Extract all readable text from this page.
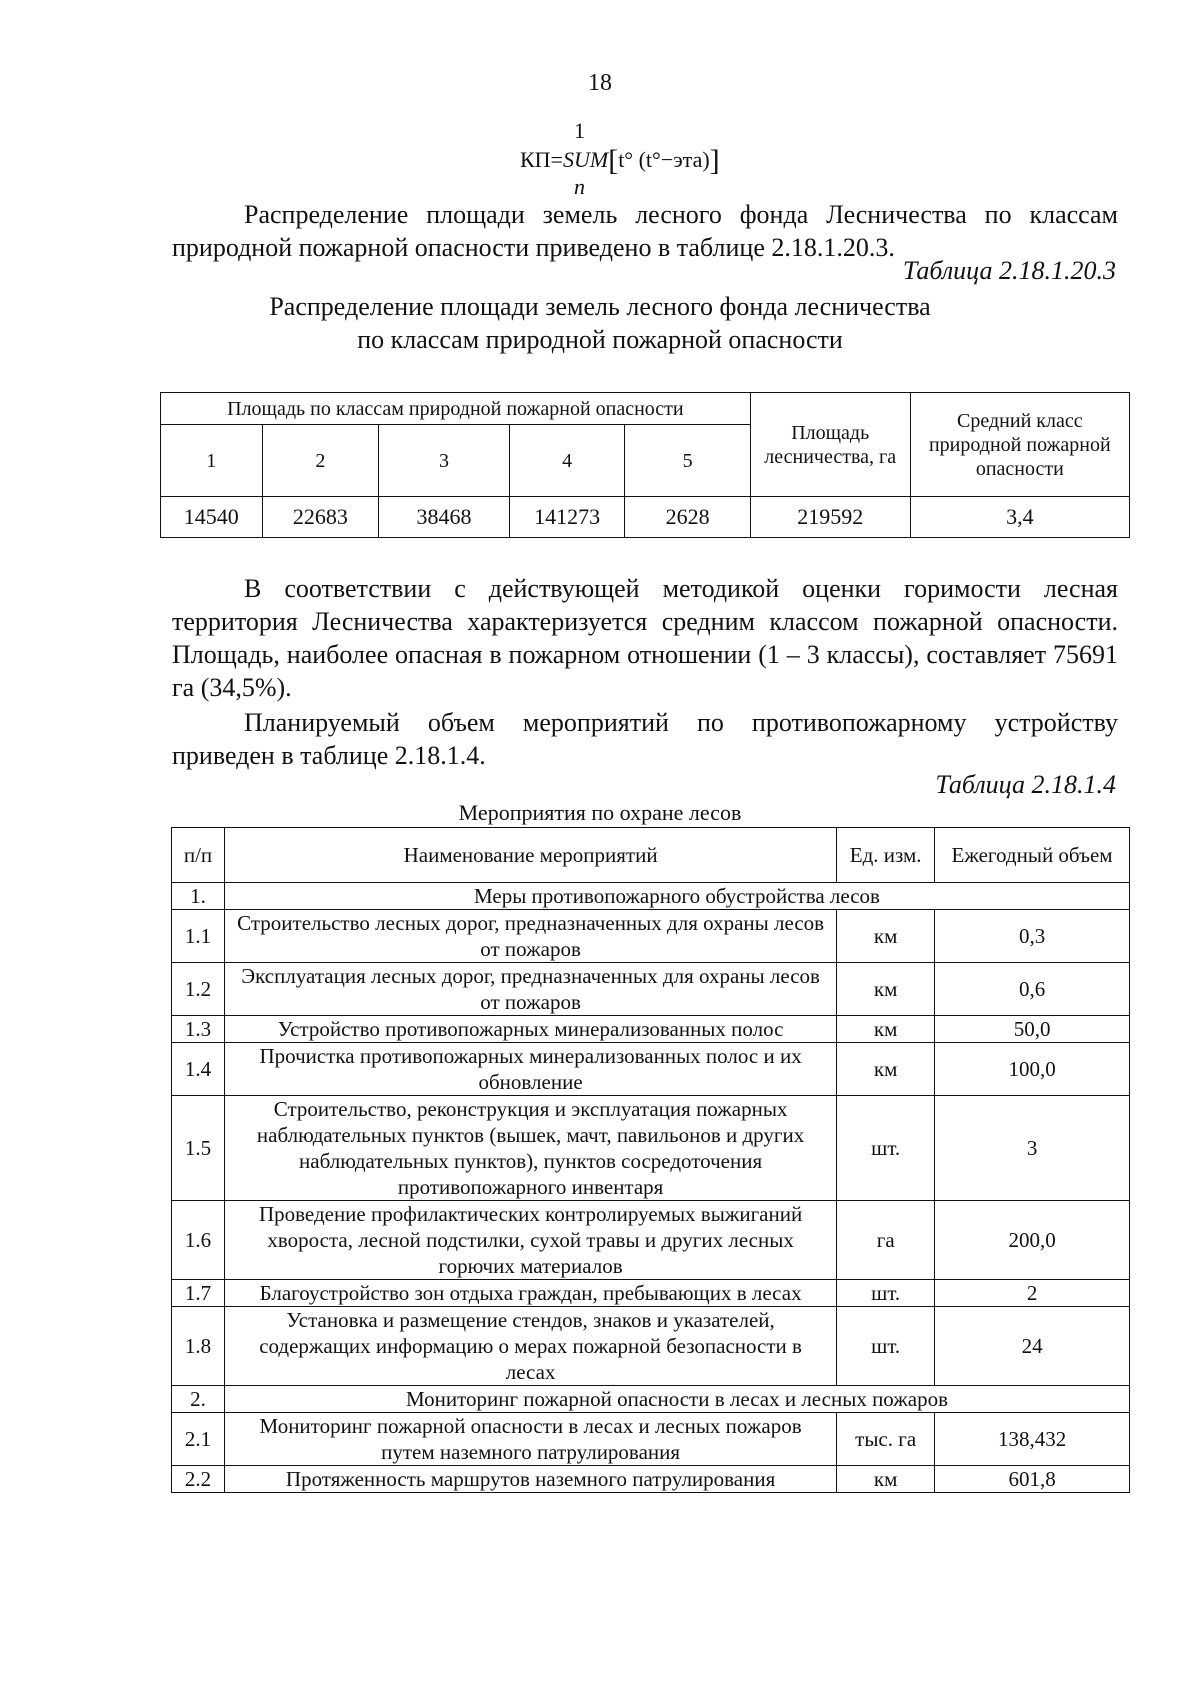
18
1
КП=SUM[t° (t°−эта)]
n

Распределение площади земель лесного фонда Лесничества по классам природной пожарной опасности приведено в таблице 2.18.1.20.3.

Таблица 2.18.1.20.3
Распределение площади земель лесного фонда лесничества
по классам природной пожарной опасности
Площадь по классам природной пожарной опасности					Площадь лесничества, га	Средний класс природной пожарной опасности
1	2	3	4	5		
14540	22683	38468	141273	2628	219592	3,4

В соответствии с действующей методикой оценки горимости лесная территория Лесничества характеризуется средним классом пожарной опасности. Площадь, наиболее опасная в пожарном отношении (1 – 3 классы), составляет 75691 га (34,5%).

Планируемый объем мероприятий по противопожарному устройству приведен в таблице 2.18.1.4.

Таблица 2.18.1.4
Мероприятия по охране лесов
п/п	Наименование мероприятий	Ед. изм.	Ежегодный объем
1.	Меры противопожарного обустройства лесов		
1.1	Строительство лесных дорог, предназначенных для охраны лесов от пожаров	км	0,3
1.2	Эксплуатация лесных дорог, предназначенных для охраны лесов от пожаров	км	0,6
1.3	Устройство противопожарных минерализованных полос	км	50,0
1.4	Прочистка противопожарных минерализованных полос и их обновление	км	100,0
1.5	Строительство, реконструкция и эксплуатация пожарных наблюдательных пунктов (вышек, мачт, павильонов и других наблюдательных пунктов), пунктов сосредоточения противопожарного инвентаря	шт.	3
1.6	Проведение профилактических контролируемых выжиганий хвороста, лесной подстилки, сухой травы и других лесных горючих материалов	га	200,0
1.7	Благоустройство зон отдыха граждан, пребывающих в лесах	шт.	2
1.8	Установка и размещение стендов, знаков и указателей, содержащих информацию о мерах пожарной безопасности в лесах	шт.	24
2.	Мониторинг пожарной опасности в лесах и лесных пожаров		
2.1	Мониторинг пожарной опасности в лесах и лесных пожаров путем наземного патрулирования	тыс. га	138,432
2.2	Протяженность маршрутов наземного патрулирования	км	601,8
